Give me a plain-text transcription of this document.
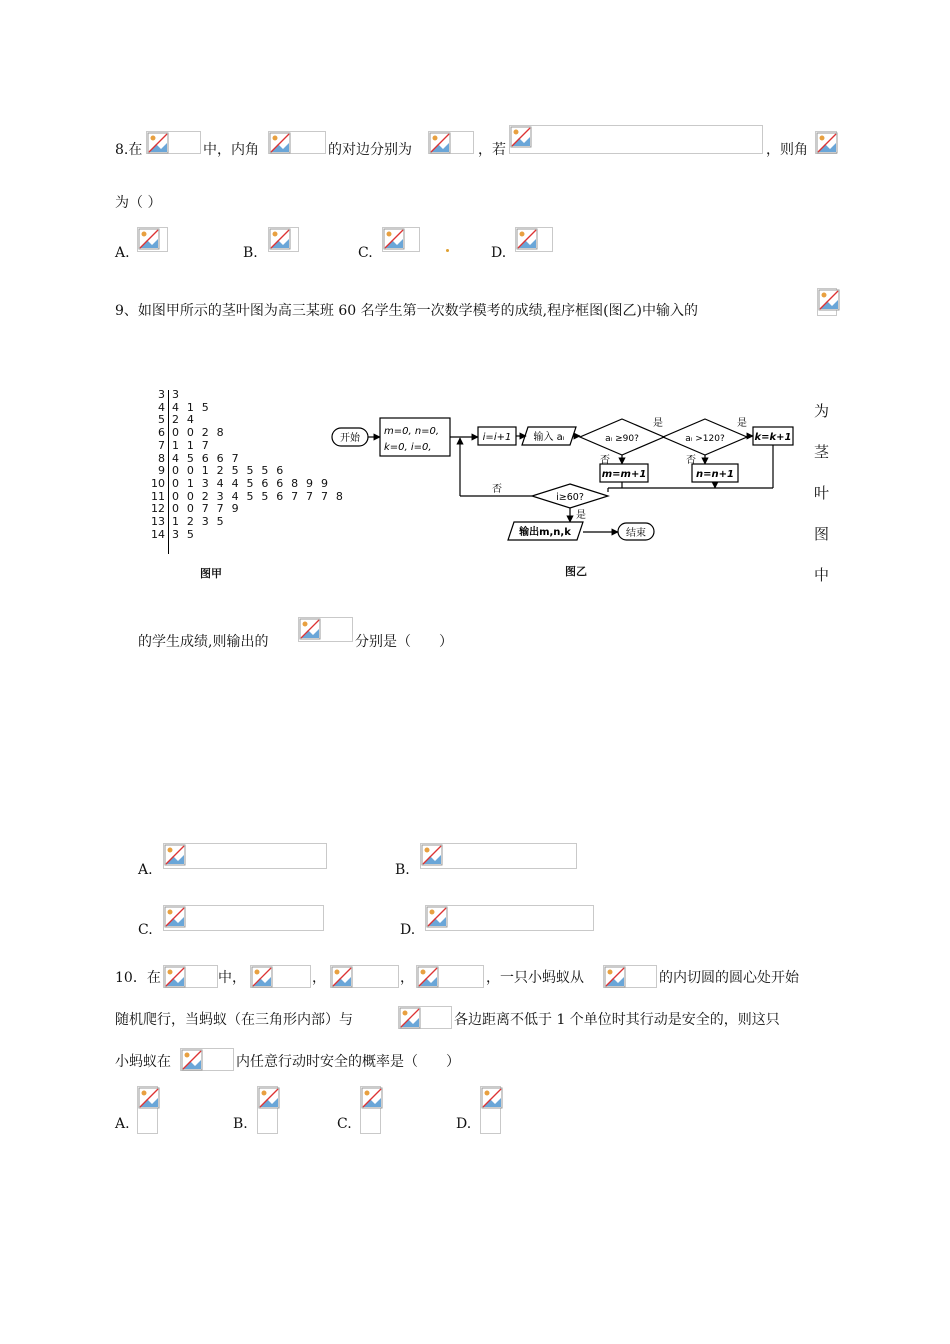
8.在	中，内角	的对边分别为	，若	，则角
为（ ）
A.	B.	C.	D.
9、如图甲所示的茎叶图为高三某班 60 名学生第一次数学模考的成绩,程序框图(图乙)中输入的
3 3
4 4 1 5
5 2 4
6 0 0 2 8
7 1 1 7
8 4 5 6 6 7
9 0 0 1 2 5 5 5 6
10 0 1 3 4 4 5 6 6 8 9 9
11 0 0 2 3 4 5 5 6 7 7 7 8
12 0 0 7 7 9
13 1 2 3 5
14 3 5
图甲
开始
m=0, n=0,
k=0, i=0,
i=i+1 输入 aᵢ	aᵢ ≥90?	aᵢ >120?
是	是
否	否
k=k+1
m=m+1	n=n+1
i≥60?
否
是
输出m,n,k	结束
图乙
为
茎
叶
图
中
的学生成绩,则输出的	分别是（　　）
A.	B.
C.	D.
10．在	中，	，	，	，一只小蚂蚁从	的内切圆的圆心处开始
随机爬行，当蚂蚁（在三角形内部）与	各边距离不低于 1 个单位时其行动是安全的，则这只
小蚂蚁在	内任意行动时安全的概率是（　　）
A.	B.	C.	D.
